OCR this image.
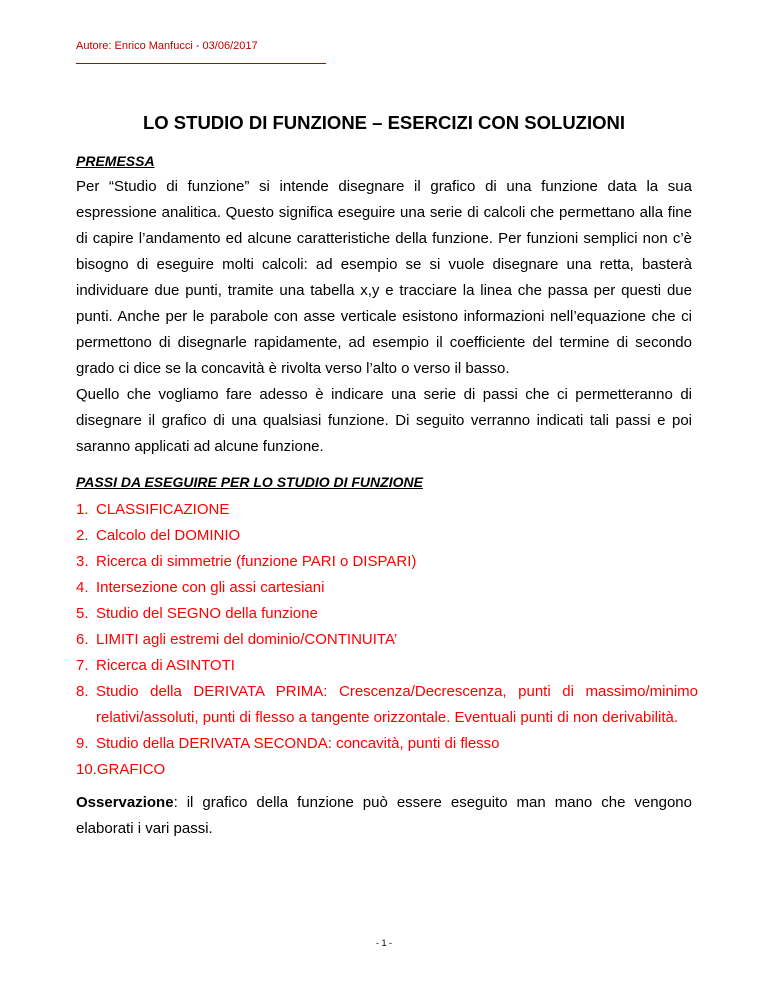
Autore: Enrico Manfucci - 03/06/2017
LO STUDIO DI FUNZIONE – ESERCIZI CON SOLUZIONI
PREMESSA

Per “Studio di funzione” si intende disegnare il grafico di una funzione data la sua espressione analitica. Questo significa eseguire una serie di calcoli che permettano alla fine di capire l’andamento ed alcune caratteristiche della funzione. Per funzioni semplici non c’è bisogno di eseguire molti calcoli: ad esempio se si vuole disegnare una retta, basterà individuare due punti, tramite una tabella x,y e tracciare la linea che passa per questi due punti. Anche per le parabole con asse verticale esistono informazioni nell’equazione che ci permettono di disegnarle rapidamente, ad esempio il coefficiente del termine di secondo grado ci dice se la concavità è rivolta verso l’alto o verso il basso.

Quello che vogliamo fare adesso è indicare una serie di passi che ci permetteranno di disegnare il grafico di una qualsiasi funzione. Di seguito verranno indicati tali passi e poi saranno applicati ad alcune funzione.

PASSI DA ESEGUIRE PER LO STUDIO DI FUNZIONE
1. CLASSIFICAZIONE
2. Calcolo del DOMINIO
3. Ricerca di simmetrie (funzione PARI o DISPARI)
4. Intersezione con gli assi cartesiani
5. Studio del SEGNO della funzione
6. LIMITI agli estremi del dominio/CONTINUITA’
7. Ricerca di ASINTOTI
8. Studio della DERIVATA PRIMA: Crescenza/Decrescenza, punti di massimo/minimo relativi/assoluti, punti di flesso a tangente orizzontale. Eventuali punti di non derivabilità.
9. Studio della DERIVATA SECONDA: concavità, punti di flesso
10. GRAFICO

Osservazione: il grafico della funzione può essere eseguito man mano che vengono elaborati i vari passi.

- 1 -
